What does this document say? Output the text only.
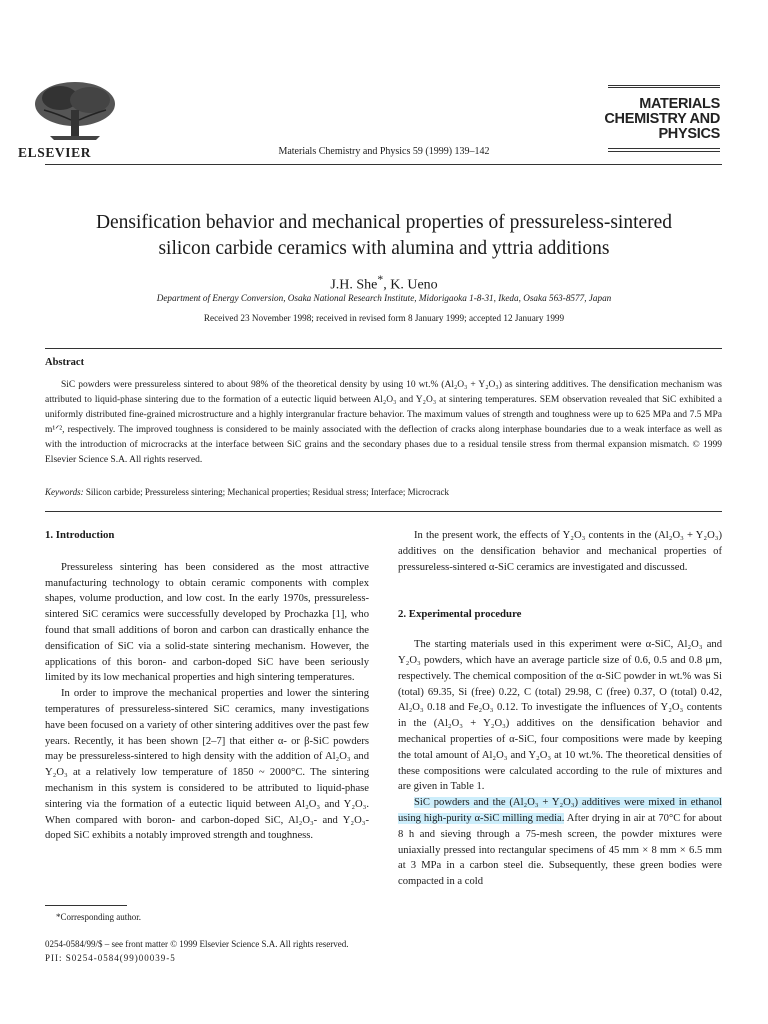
ELSEVIER	Materials Chemistry and Physics 59 (1999) 139–142
MATERIALS
CHEMISTRY AND
PHYSICS
Densification behavior and mechanical properties of pressureless-sintered
silicon carbide ceramics with alumina and yttria additions
J.H. She*, K. Ueno
Department of Energy Conversion, Osaka National Research Institute, Midorigaoka 1-8-31, Ikeda, Osaka 563-8577, Japan
Received 23 November 1998; received in revised form 8 January 1999; accepted 12 January 1999
Abstract
SiC powders were pressureless sintered to about 98% of the theoretical density by using 10 wt.% (Al₂O₃ + Y₂O₃) as sintering additives. The densification mechanism was attributed to liquid-phase sintering due to the formation of a eutectic liquid between Al₂O₃ and Y₂O₃ at sintering temperatures. SEM observation revealed that SiC exhibited a uniformly distributed fine-grained microstructure and a highly intergranular fracture behavior. The maximum values of strength and toughness were up to 625 MPa and 7.5 MPa m¹ᐟ², respectively. The improved toughness is considered to be mainly associated with the deflection of cracks along interphase boundaries due to a weak interface as well as with the introduction of microcracks at the interface between SiC grains and the secondary phases due to a residual tensile stress from thermal expansion mismatch. © 1999 Elsevier Science S.A. All rights reserved.
Keywords: Silicon carbide; Pressureless sintering; Mechanical properties; Residual stress; Interface; Microcrack
1. Introduction

Pressureless sintering has been considered as the most attractive manufacturing technology to obtain ceramic components with complex shapes, volume production, and low cost. In the early 1970s, pressureless-sintered SiC ceramics were successfully developed by Prochazka [1], who found that small additions of boron and carbon can drastically enhance the densification of SiC via a solid-state sintering mechanism. However, the applications of this boron- and carbon-doped SiC have been seriously limited by its low mechanical properties and high sintering temperatures.

In order to improve the mechanical properties and lower the sintering temperatures of pressureless-sintered SiC ceramics, many investigations have been focused on a variety of other sintering additives over the past few years. Recently, it has been shown [2–7] that either α- or β-SiC powders may be pressureless-sintered to high density with the addition of Al₂O₃ and Y₂O₃ at a relatively low temperature of 1850 ~ 2000°C. The sintering mechanism in this system is considered to be attributed to liquid-phase sintering via the formation of a eutectic liquid between Al₂O₃ and Y₂O₃. When compared with boron- and carbon-doped SiC, Al₂O₃- and Y₂O₃-doped SiC exhibits a notably improved strength and toughness.

In the present work, the effects of Y₂O₃ contents in the (Al₂O₃ + Y₂O₃) additives on the densification behavior and mechanical properties of pressureless-sintered α-SiC ceramics are investigated and discussed.

2. Experimental procedure

The starting materials used in this experiment were α-SiC, Al₂O₃ and Y₂O₃ powders, which have an average particle size of 0.6, 0.5 and 0.8 μm, respectively. The chemical composition of the α-SiC powder in wt.% was Si (total) 69.35, Si (free) 0.22, C (total) 29.98, C (free) 0.37, O (total) 0.42, Al₂O₃ 0.18 and Fe₂O₃ 0.12. To investigate the influences of Y₂O₃ contents in the (Al₂O₃ + Y₂O₃) additives on the densification behavior and mechanical properties of α-SiC, four compositions were made by keeping the total amount of Al₂O₃ and Y₂O₃ at 10 wt.%. The theoretical densities of these compositions were calculated according to the rule of mixtures and are given in Table 1.

SiC powders and the (Al₂O₃ + Y₂O₃) additives were mixed in ethanol using high-purity α-SiC milling media. After drying in air at 70°C for about 8 h and sieving through a 75-mesh screen, the powder mixtures were uniaxially pressed into rectangular specimens of 45 mm × 8 mm × 6.5 mm at 3 MPa in a carbon steel die. Subsequently, these green bodies were compacted in a cold

*Corresponding author.
0254-0584/99/$ – see front matter © 1999 Elsevier Science S.A. All rights reserved.
PII: S0254-0584(99)00039-5
